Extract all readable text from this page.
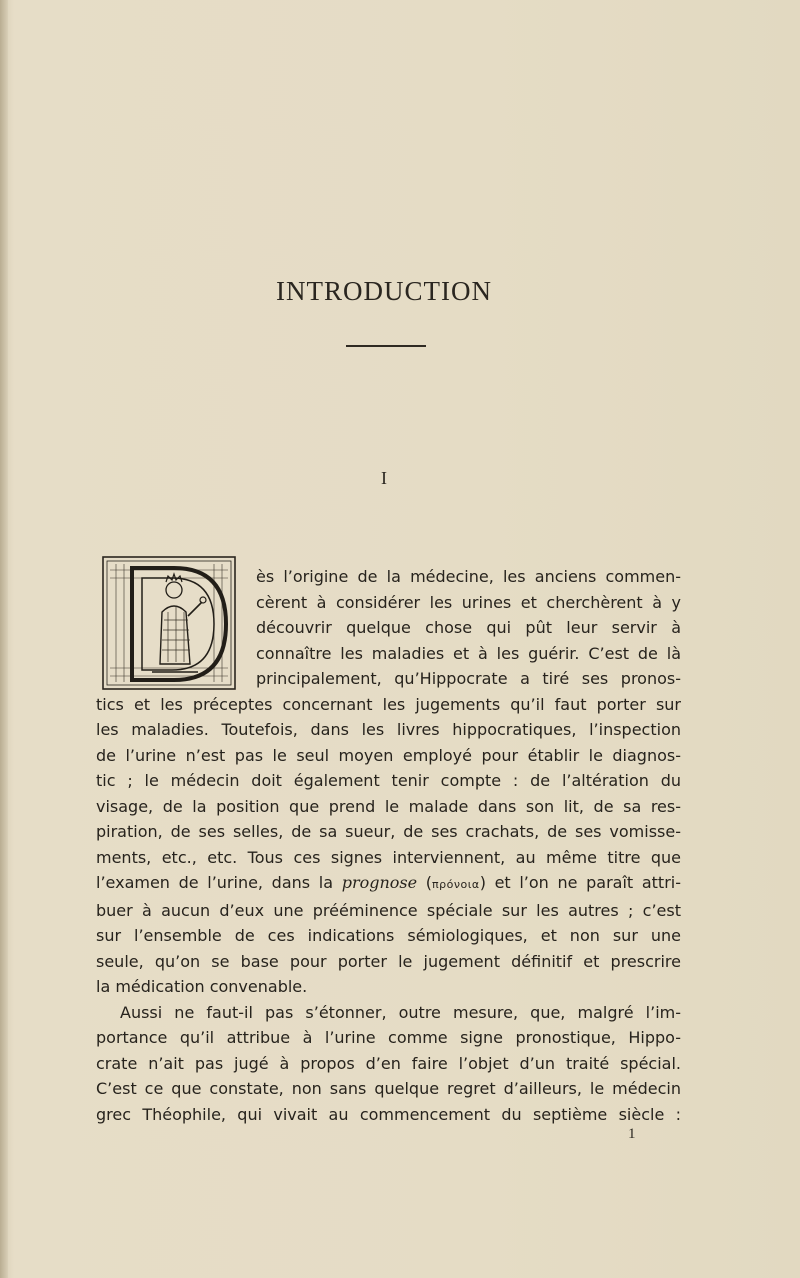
INTRODUCTION
I
ès l’origine de la médecine, les anciens commen-
cèrent à considérer les urines et cherchèrent à y
découvrir quelque chose qui pût leur servir à
connaître les maladies et à les guérir. C’est de là
principalement, qu’Hippocrate a tiré ses pronos-
tics et les préceptes concernant les jugements qu’il faut porter sur
les maladies. Toutefois, dans les livres hippocratiques, l’inspection
de l’urine n’est pas le seul moyen employé pour établir le diagnos-
tic ; le médecin doit également tenir compte : de l’altération du
visage, de la position que prend le malade dans son lit, de sa res-
piration, de ses selles, de sa sueur, de ses crachats, de ses vomisse-
ments, etc., etc. Tous ces signes interviennent, au même titre que
l’examen de l’urine, dans la prognose (πρόνοια) et l’on ne paraît attri-
buer à aucun d’eux une prééminence spéciale sur les autres ; c’est
sur l’ensemble de ces indications sémiologiques, et non sur une
seule, qu’on se base pour porter le jugement définitif et prescrire
la médication convenable.
Aussi ne faut-il pas s’étonner, outre mesure, que, malgré l’im-
portance qu’il attribue à l’urine comme signe pronostique, Hippo-
crate n’ait pas jugé à propos d’en faire l’objet d’un traité spécial.
C’est ce que constate, non sans quelque regret d’ailleurs, le médecin
grec Théophile, qui vivait au commencement du septième siècle :
1
